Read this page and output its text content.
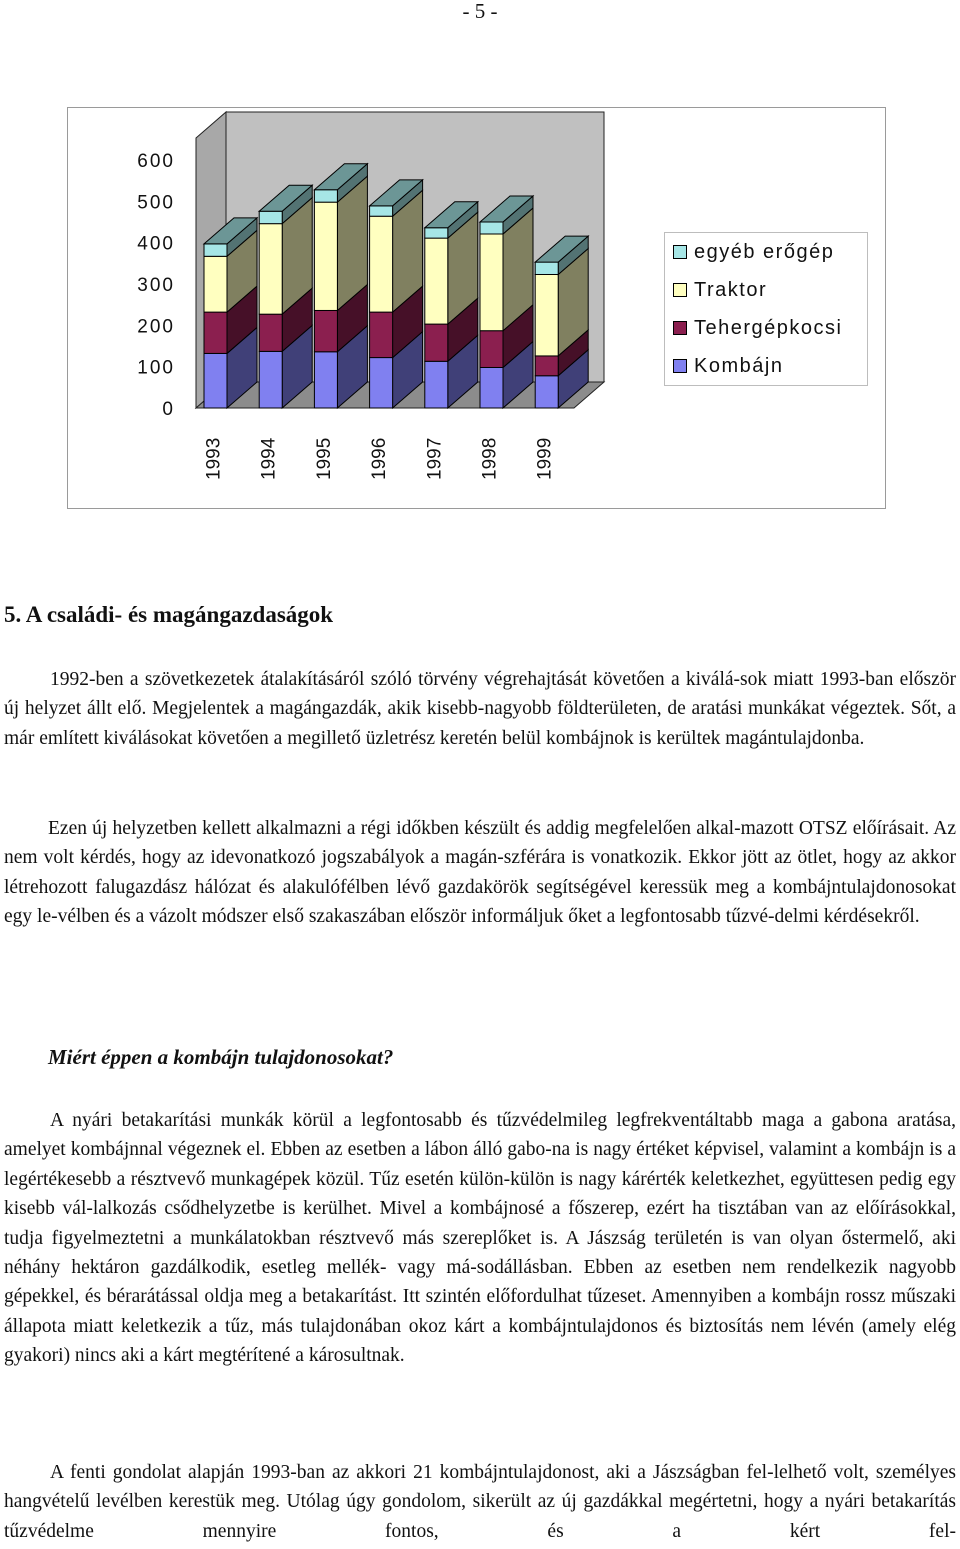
- 5 -
600
500
400
300
200
100
0
1993 1994 1995 1996 1997 1998 1999
egyéb erőgép
Traktor
Tehergépkocsi
Kombájn
5. A családi- és magángazdaságok

1992-ben a szövetkezetek átalakításáról szóló törvény végrehajtását követően a kiválá-sok miatt 1993-ban először új helyzet állt elő. Megjelentek a magángazdák, akik kisebb-nagyobb földterületen, de aratási munkákat végeztek. Sőt, a már említett kiválásokat követően a megillető üzletrész keretén belül kombájnok is kerültek magántulajdonba.

Ezen új helyzetben kellett alkalmazni a régi időkben készült és addig megfelelően alkal-mazott OTSZ előírásait. Az nem volt kérdés, hogy az idevonatkozó jogszabályok a magán-szférára is vonatkozik. Ekkor jött az ötlet, hogy az akkor létrehozott falugazdász hálózat és alakulófélben lévő gazdakörök segítségével keressük meg a kombájntulajdonosokat egy le-vélben és a vázolt módszer első szakaszában először informáljuk őket a legfontosabb tűzvé-delmi kérdésekről.

Miért éppen a kombájn tulajdonosokat?

A nyári betakarítási munkák körül a legfontosabb és tűzvédelmileg legfrekventáltabb maga a gabona aratása, amelyet kombájnnal végeznek el. Ebben az esetben a lábon álló gabo-na is nagy értéket képvisel, valamint a kombájn is a legértékesebb a résztvevő munkagépek közül. Tűz esetén külön-külön is nagy kárérték keletkezhet, együttesen pedig egy kisebb vál-lalkozás csődhelyzetbe is kerülhet. Mivel a kombájnosé a főszerep, ezért ha tisztában van az előírásokkal, tudja figyelmeztetni a munkálatokban résztvevő más szereplőket is. A Jászság területén is van olyan őstermelő, aki néhány hektáron gazdálkodik, esetleg mellék- vagy má-sodállásban. Ebben az esetben nem rendelkezik nagyobb gépekkel, és bérarátással oldja meg a betakarítást. Itt szintén előfordulhat tűzeset. Amennyiben a kombájn rossz műszaki állapota miatt keletkezik a tűz, más tulajdonában okoz kárt a kombájntulajdonos és biztosítás nem lévén (amely elég gyakori) nincs aki a kárt megtérítené a károsultnak.

A fenti gondolat alapján 1993-ban az akkori 21 kombájntulajdonost, aki a Jászságban fel-lelhető volt, személyes hangvételű levélben kerestük meg. Utólag úgy gondolom, sikerült az új gazdákkal megértetni, hogy a nyári betakarítás tűzvédelme mennyire fontos, és a kért fel-
